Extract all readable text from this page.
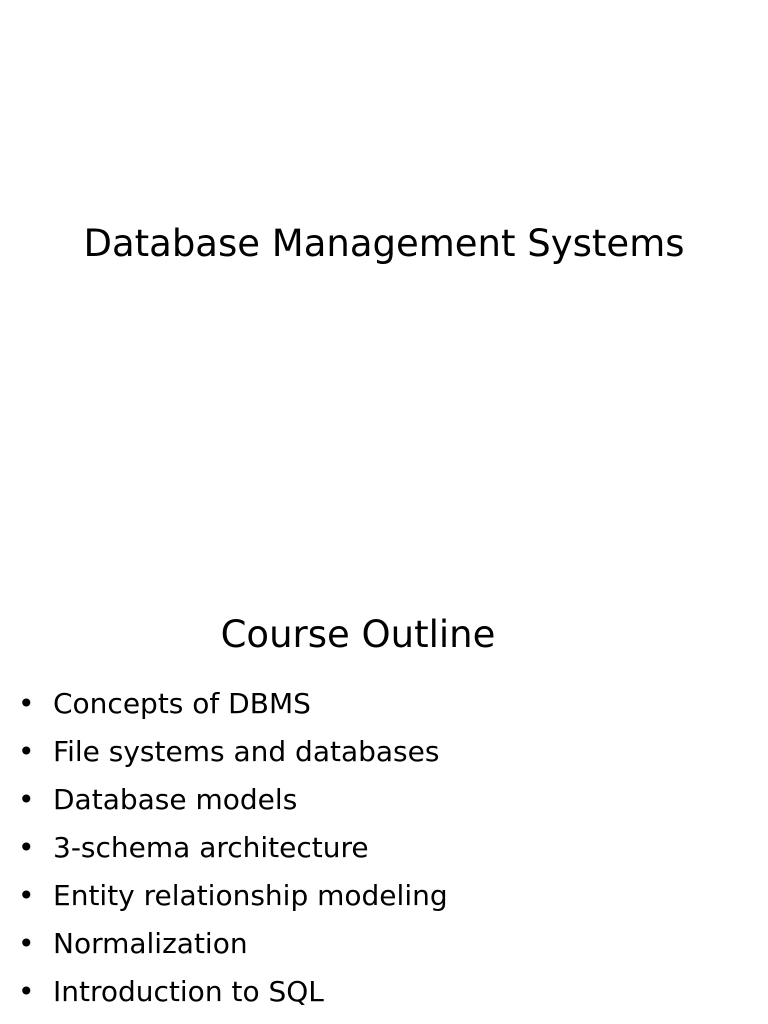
Database Management Systems
Course Outline
• Concepts of DBMS
• File systems and databases
• Database models
• 3-schema architecture
• Entity relationship modeling
• Normalization
• Introduction to SQL
